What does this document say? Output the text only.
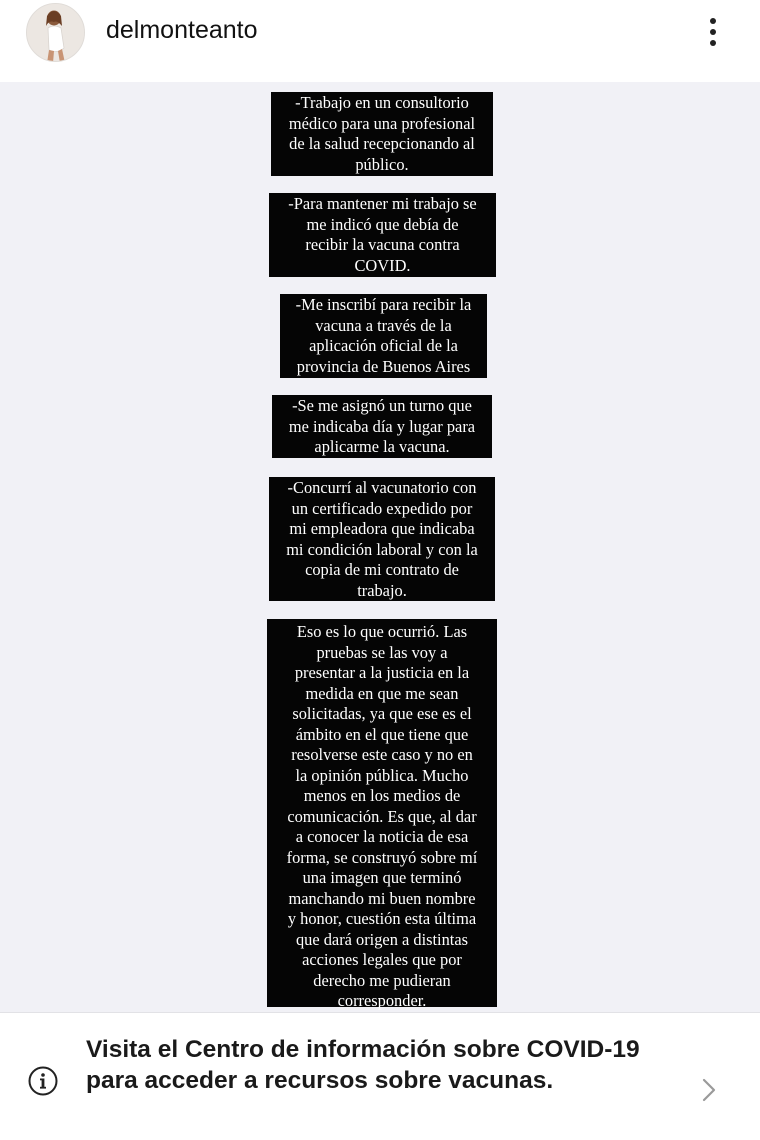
delmonteanto
-Trabajo en un consultorio
médico para una profesional
de la salud recepcionando al
público.
-Para mantener mi trabajo se
me indicó que debía de
recibir la vacuna contra
COVID.
-Me inscribí para recibir la
vacuna a través de la
aplicación oficial de la
provincia de Buenos Aires
-Se me asignó un turno que
me indicaba día y lugar para
aplicarme la vacuna.
-Concurrí al vacunatorio con
un certificado expedido por
mi empleadora que indicaba
mi condición laboral y con la
copia de mi contrato de
trabajo.
Eso es lo que ocurrió. Las
pruebas se las voy a
presentar a la justicia en la
medida en que me sean
solicitadas, ya que ese es el
ámbito en el que tiene que
resolverse este caso y no en
la opinión pública. Mucho
menos en los medios de
comunicación. Es que, al dar
a conocer la noticia de esa
forma, se construyó sobre mí
una imagen que terminó
manchando mi buen nombre
y honor, cuestión esta última
que dará origen a distintas
acciones legales que por
derecho me pudieran
corresponder.
Visita el Centro de información sobre COVID-19 para acceder a recursos sobre vacunas.
